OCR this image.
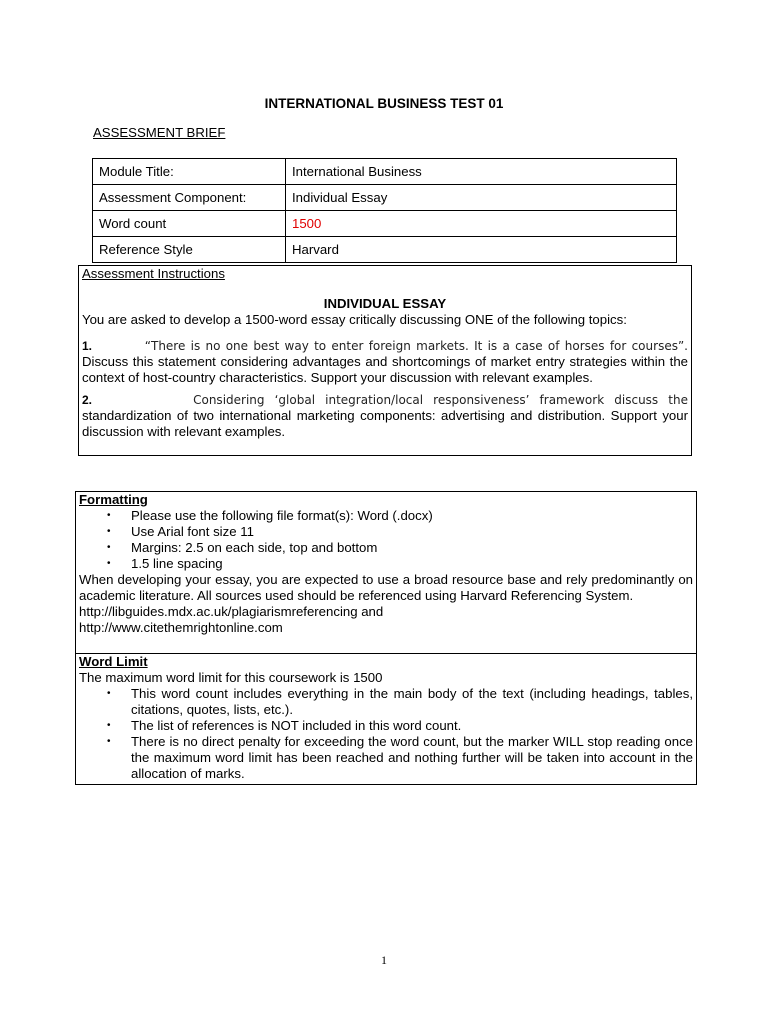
INTERNATIONAL BUSINESS TEST 01
ASSESSMENT BRIEF
Module Title:	International Business
Assessment Component:	Individual Essay
Word count	1500
Reference Style	Harvard

Assessment Instructions

INDIVIDUAL ESSAY

You are asked to develop a 1500-word essay critically discussing ONE of the following topics:

1.	“There is no one best way to enter foreign markets. It is a case of horses for courses”.

Discuss this statement considering advantages and shortcomings of market entry strategies within the context of host-country characteristics. Support your discussion with relevant examples.

2.	Considering ‘global integration/local responsiveness’ framework discuss the

standardization of two international marketing components: advertising and distribution. Support your discussion with relevant examples.

Formatting

• Please use the following file format(s): Word (.docx)
• Use Arial font size 11
• Margins: 2.5 on each side, top and bottom
• 1.5 line spacing

When developing your essay, you are expected to use a broad resource base and rely predominantly on academic literature. All sources used should be referenced using Harvard Referencing System.

http://libguides.mdx.ac.uk/plagiarismreferencing and

http://www.citethemrightonline.com

Word Limit

The maximum word limit for this coursework is 1500

• This word count includes everything in the main body of the text (including headings, tables, citations, quotes, lists, etc.).
• The list of references is NOT included in this word count.
• There is no direct penalty for exceeding the word count, but the marker WILL stop reading once the maximum word limit has been reached and nothing further will be taken into account in the allocation of marks.
1
